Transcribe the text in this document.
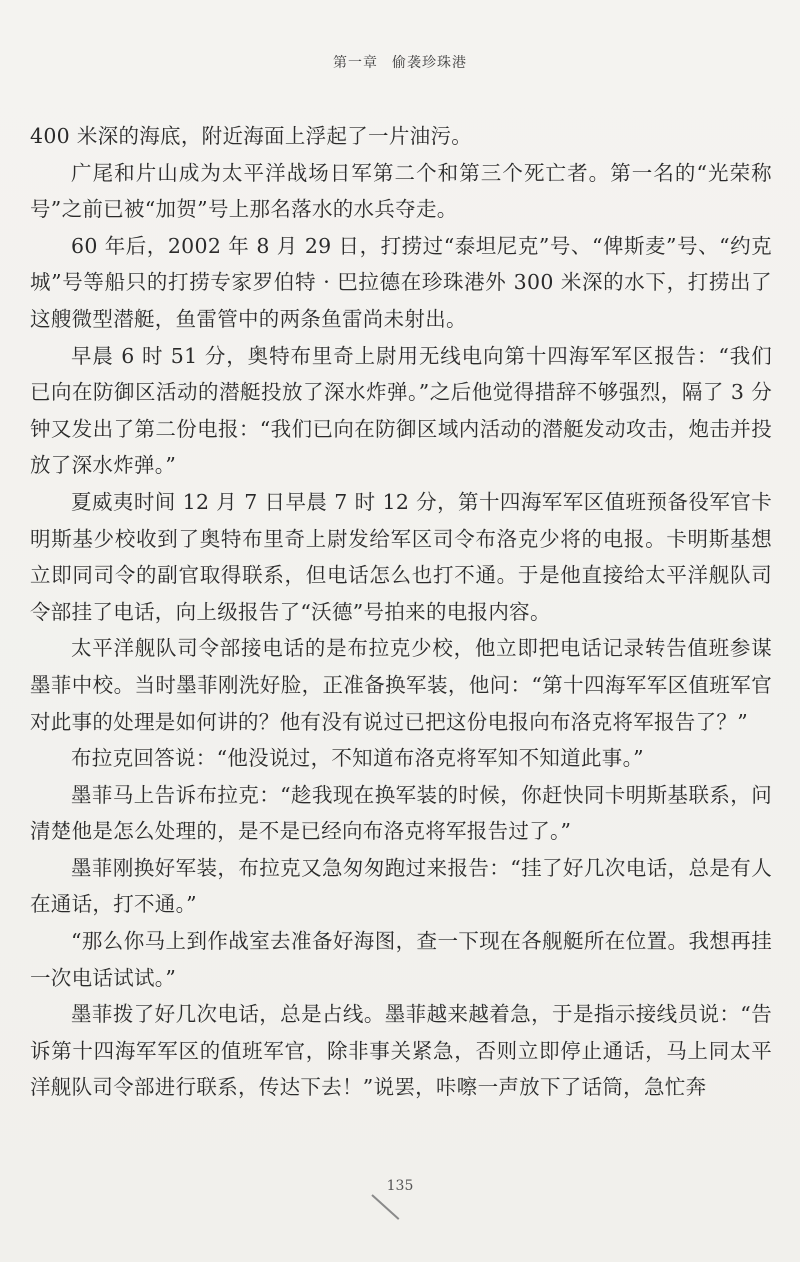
第一章 偷袭珍珠港

400 米深的海底，附近海面上浮起了一片油污。

广尾和片山成为太平洋战场日军第二个和第三个死亡者。第一名的“光荣称号”之前已被“加贺”号上那名落水的水兵夺走。

60 年后，2002 年 8 月 29 日，打捞过“泰坦尼克”号、“俾斯麦”号、“约克城”号等船只的打捞专家罗伯特 · 巴拉德在珍珠港外 300 米深的水下，打捞出了这艘微型潜艇，鱼雷管中的两条鱼雷尚未射出。

早晨 6 时 51 分，奥特布里奇上尉用无线电向第十四海军军区报告：“我们已向在防御区活动的潜艇投放了深水炸弹。”之后他觉得措辞不够强烈，隔了 3 分钟又发出了第二份电报：“我们已向在防御区域内活动的潜艇发动攻击，炮击并投放了深水炸弹。”

夏威夷时间 12 月 7 日早晨 7 时 12 分，第十四海军军区值班预备役军官卡明斯基少校收到了奥特布里奇上尉发给军区司令布洛克少将的电报。卡明斯基想立即同司令的副官取得联系，但电话怎么也打不通。于是他直接给太平洋舰队司令部挂了电话，向上级报告了“沃德”号拍来的电报内容。

太平洋舰队司令部接电话的是布拉克少校，他立即把电话记录转告值班参谋墨菲中校。当时墨菲刚洗好脸，正准备换军装，他问：“第十四海军军区值班军官对此事的处理是如何讲的？他有没有说过已把这份电报向布洛克将军报告了？”

布拉克回答说：“他没说过，不知道布洛克将军知不知道此事。”

墨菲马上告诉布拉克：“趁我现在换军装的时候，你赶快同卡明斯基联系，问清楚他是怎么处理的，是不是已经向布洛克将军报告过了。”

墨菲刚换好军装，布拉克又急匆匆跑过来报告：“挂了好几次电话，总是有人在通话，打不通。”

“那么你马上到作战室去准备好海图，查一下现在各舰艇所在位置。我想再挂一次电话试试。”

墨菲拨了好几次电话，总是占线。墨菲越来越着急，于是指示接线员说：“告诉第十四海军军区的值班军官，除非事关紧急，否则立即停止通话，马上同太平洋舰队司令部进行联系，传达下去！”说罢，咔嚓一声放下了话筒，急忙奔

135
